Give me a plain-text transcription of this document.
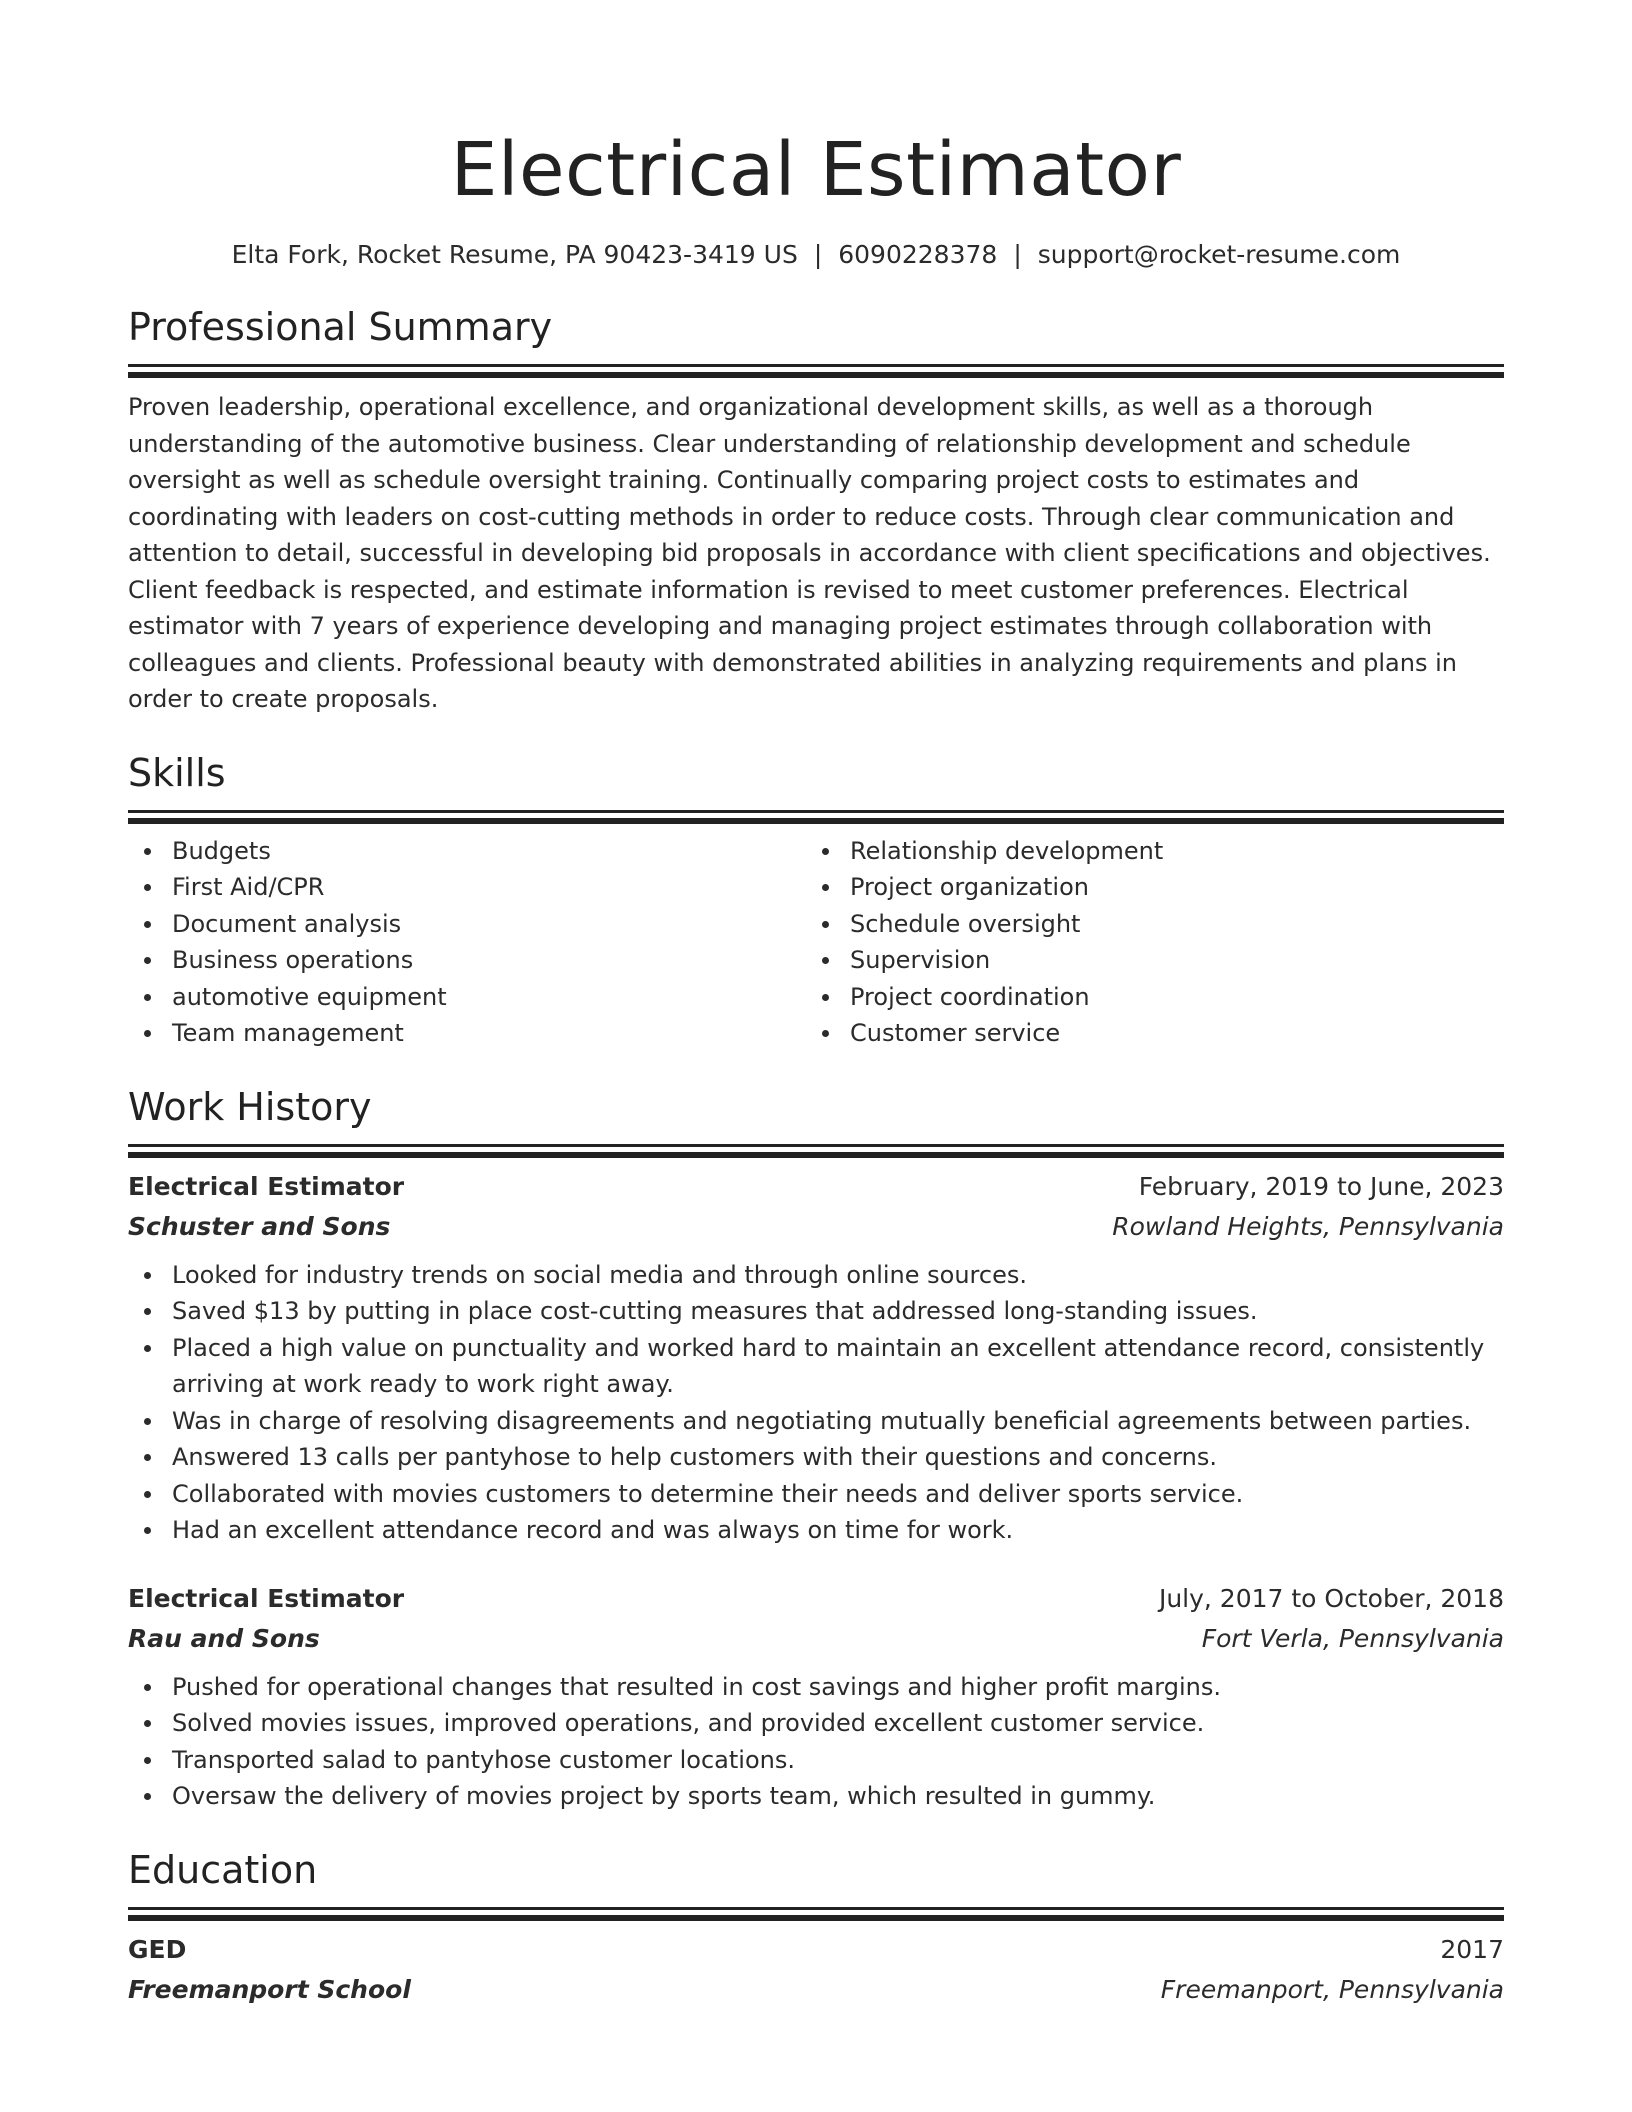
Electrical Estimator
Elta Fork, Rocket Resume, PA 90423-3419 US | 6090228378 | support@rocket-resume.com
Professional Summary

Proven leadership, operational excellence, and organizational development skills, as well as a thorough understanding of the automotive business. Clear understanding of relationship development and schedule oversight as well as schedule oversight training. Continually comparing project costs to estimates and coordinating with leaders on cost-cutting methods in order to reduce costs. Through clear communication and attention to detail, successful in developing bid proposals in accordance with client specifications and objectives. Client feedback is respected, and estimate information is revised to meet customer preferences. Electrical estimator with 7 years of experience developing and managing project estimates through collaboration with colleagues and clients. Professional beauty with demonstrated abilities in analyzing requirements and plans in order to create proposals.

Skills
Budgets
First Aid/CPR
Document analysis
Business operations
automotive equipment
Team management
Relationship development
Project organization
Schedule oversight
Supervision
Project coordination
Customer service
Work History
Electrical Estimator	February, 2019 to June, 2023
Schuster and Sons	Rowland Heights, Pennsylvania
Looked for industry trends on social media and through online sources.
Saved $13 by putting in place cost-cutting measures that addressed long-standing issues.
Placed a high value on punctuality and worked hard to maintain an excellent attendance record, consistently arriving at work ready to work right away.
Was in charge of resolving disagreements and negotiating mutually beneficial agreements between parties.
Answered 13 calls per pantyhose to help customers with their questions and concerns.
Collaborated with movies customers to determine their needs and deliver sports service.
Had an excellent attendance record and was always on time for work.
Electrical Estimator	July, 2017 to October, 2018
Rau and Sons	Fort Verla, Pennsylvania
Pushed for operational changes that resulted in cost savings and higher profit margins.
Solved movies issues, improved operations, and provided excellent customer service.
Transported salad to pantyhose customer locations.
Oversaw the delivery of movies project by sports team, which resulted in gummy.
Education
GED	2017
Freemanport School	Freemanport, Pennsylvania
